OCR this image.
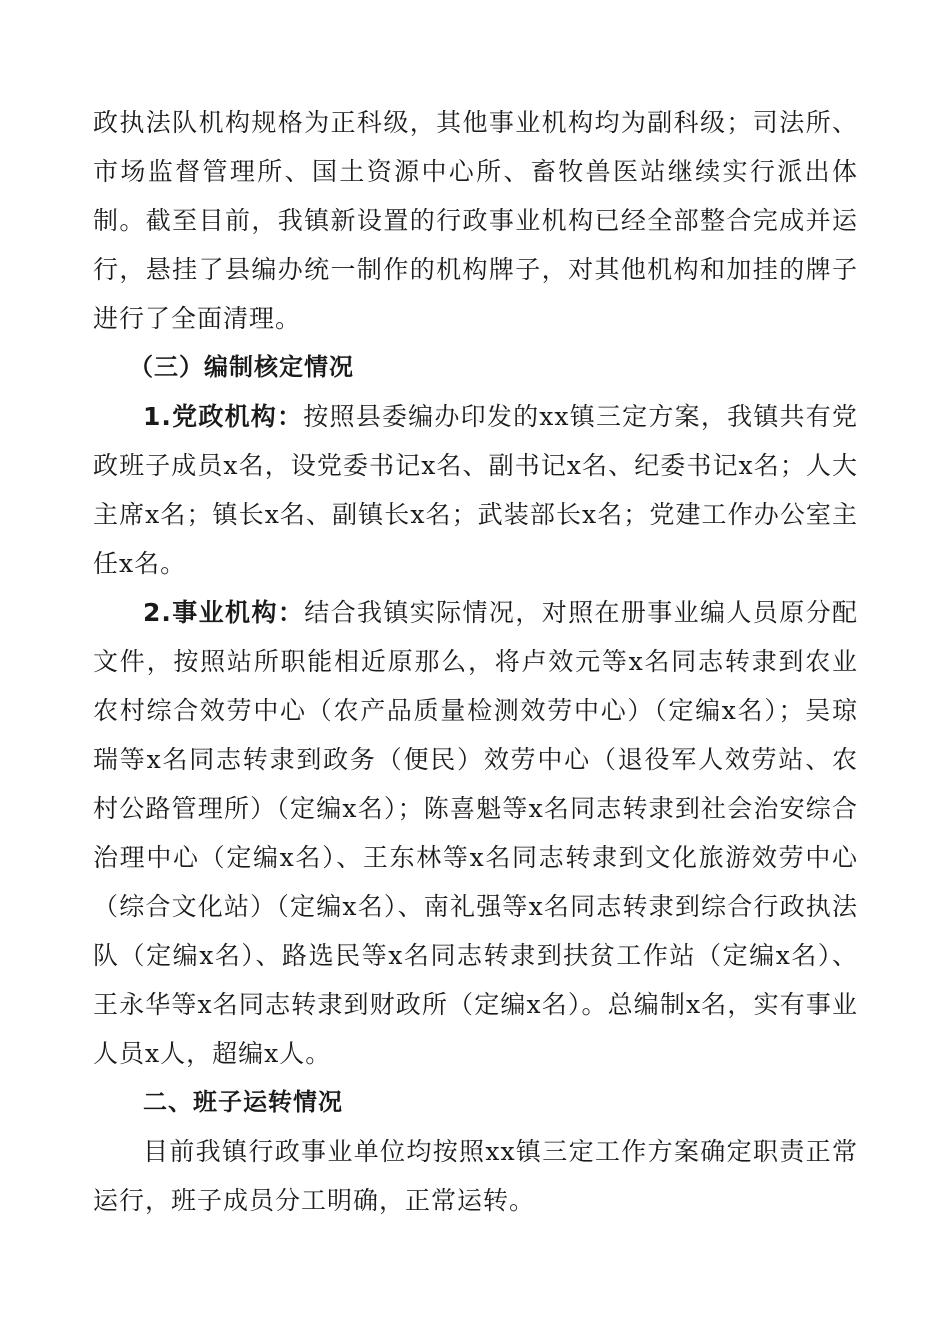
政执法队机构规格为正科级，其他事业机构均为副科级；司法所、市场监督管理所、国土资源中心所、畜牧兽医站继续实行派出体制。截至目前，我镇新设置的行政事业机构已经全部整合完成并运行，悬挂了县编办统一制作的机构牌子，对其他机构和加挂的牌子进行了全面清理。

（三）编制核定情况

1.党政机构：按照县委编办印发的xx镇三定方案，我镇共有党政班子成员x名，设党委书记x名、副书记x名、纪委书记x名；人大主席x名；镇长x名、副镇长x名；武装部长x名；党建工作办公室主任x名。

2.事业机构：结合我镇实际情况，对照在册事业编人员原分配文件，按照站所职能相近原那么，将卢效元等x名同志转隶到农业农村综合效劳中心（农产品质量检测效劳中心）（定编x名）；吴琼瑞等x名同志转隶到政务（便民）效劳中心（退役军人效劳站、农村公路管理所）（定编x名）；陈喜魁等x名同志转隶到社会治安综合治理中心（定编x名）、王东林等x名同志转隶到文化旅游效劳中心（综合文化站）（定编x名）、南礼强等x名同志转隶到综合行政执法队（定编x名）、路选民等x名同志转隶到扶贫工作站（定编x名）、王永华等x名同志转隶到财政所（定编x名）。总编制x名，实有事业人员x人，超编x人。

二、班子运转情况

目前我镇行政事业单位均按照xx镇三定工作方案确定职责正常运行，班子成员分工明确，正常运转。
